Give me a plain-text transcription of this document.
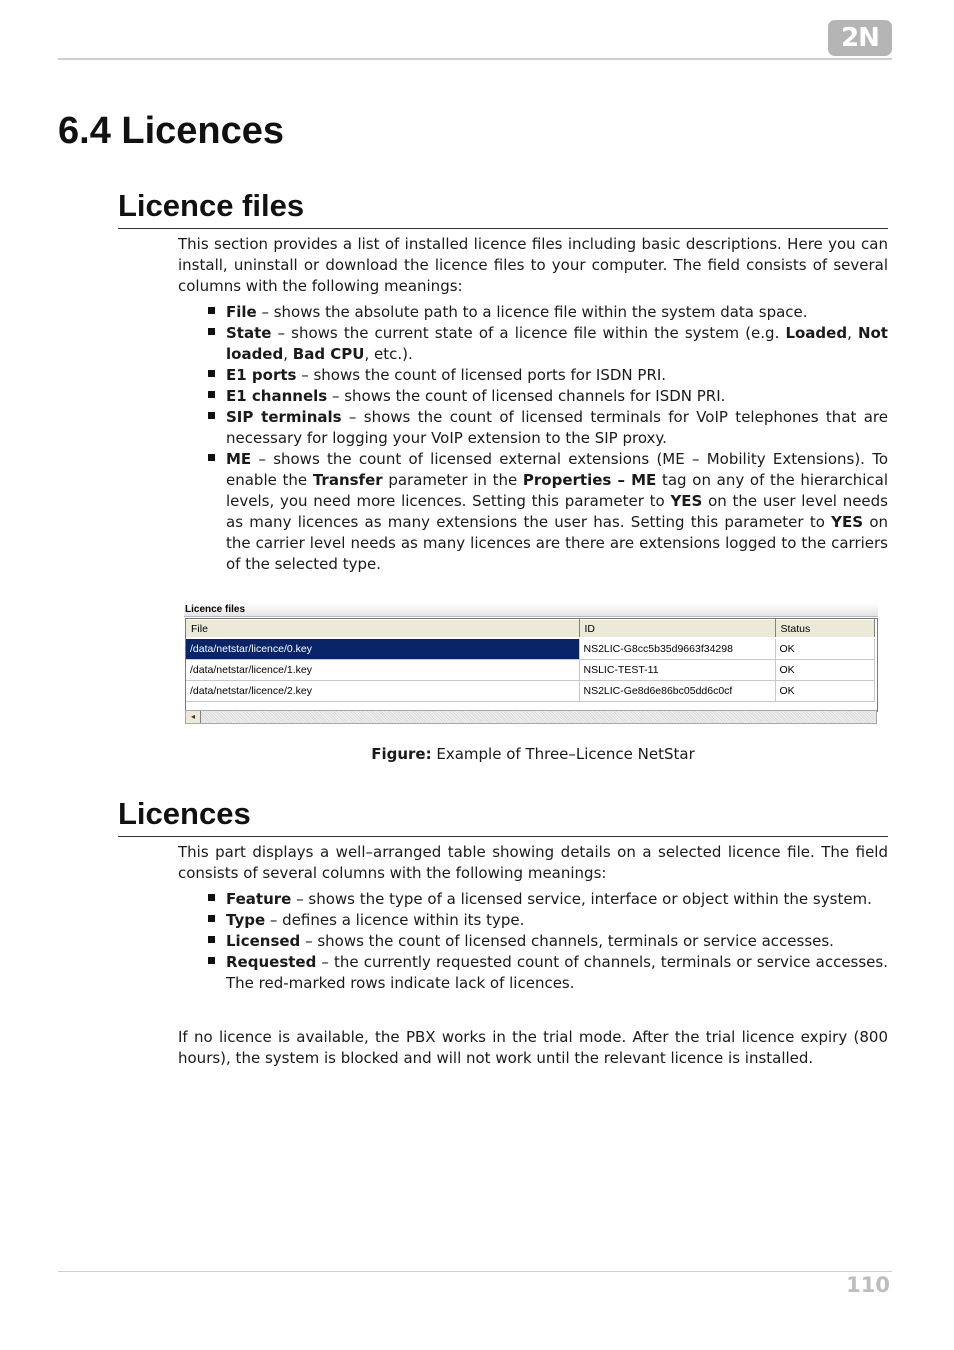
2N
6.4 Licences
Licence files

This section provides a list of installed licence files including basic descriptions. Here you can install, uninstall or download the licence files to your computer. The field consists of several columns with the following meanings:

File – shows the absolute path to a licence file within the system data space.
State – shows the current state of a licence file within the system (e.g. Loaded, Not loaded, Bad CPU, etc.).
E1 ports – shows the count of licensed ports for ISDN PRI.
E1 channels – shows the count of licensed channels for ISDN PRI.
SIP terminals – shows the count of licensed terminals for VoIP telephones that are necessary for logging your VoIP extension to the SIP proxy.
ME – shows the count of licensed external extensions (ME – Mobility Extensions). To enable the Transfer parameter in the Properties – ME tag on any of the hierarchical levels, you need more licences. Setting this parameter to YES on the user level needs as many licences as many extensions the user has. Setting this parameter to YES on the carrier level needs as many licences are there are extensions logged to the carriers of the selected type.
Licence files
File	ID	Status
/data/netstar/licence/0.key	NS2LIC-G8cc5b35d9663f34298	OK
/data/netstar/licence/1.key	NSLIC-TEST-11	OK
/data/netstar/licence/2.key	NS2LIC-Ge8d6e86bc05dd6c0cf	OK
◂
Figure: Example of Three–Licence NetStar
Licences

This part displays a well–arranged table showing details on a selected licence file. The field consists of several columns with the following meanings:

Feature – shows the type of a licensed service, interface or object within the system.
Type – defines a licence within its type.
Licensed – shows the count of licensed channels, terminals or service accesses.
Requested – the currently requested count of channels, terminals or service accesses. The red-marked rows indicate lack of licences.

If no licence is available, the PBX works in the trial mode. After the trial licence expiry (800 hours), the system is blocked and will not work until the relevant licence is installed.

110
